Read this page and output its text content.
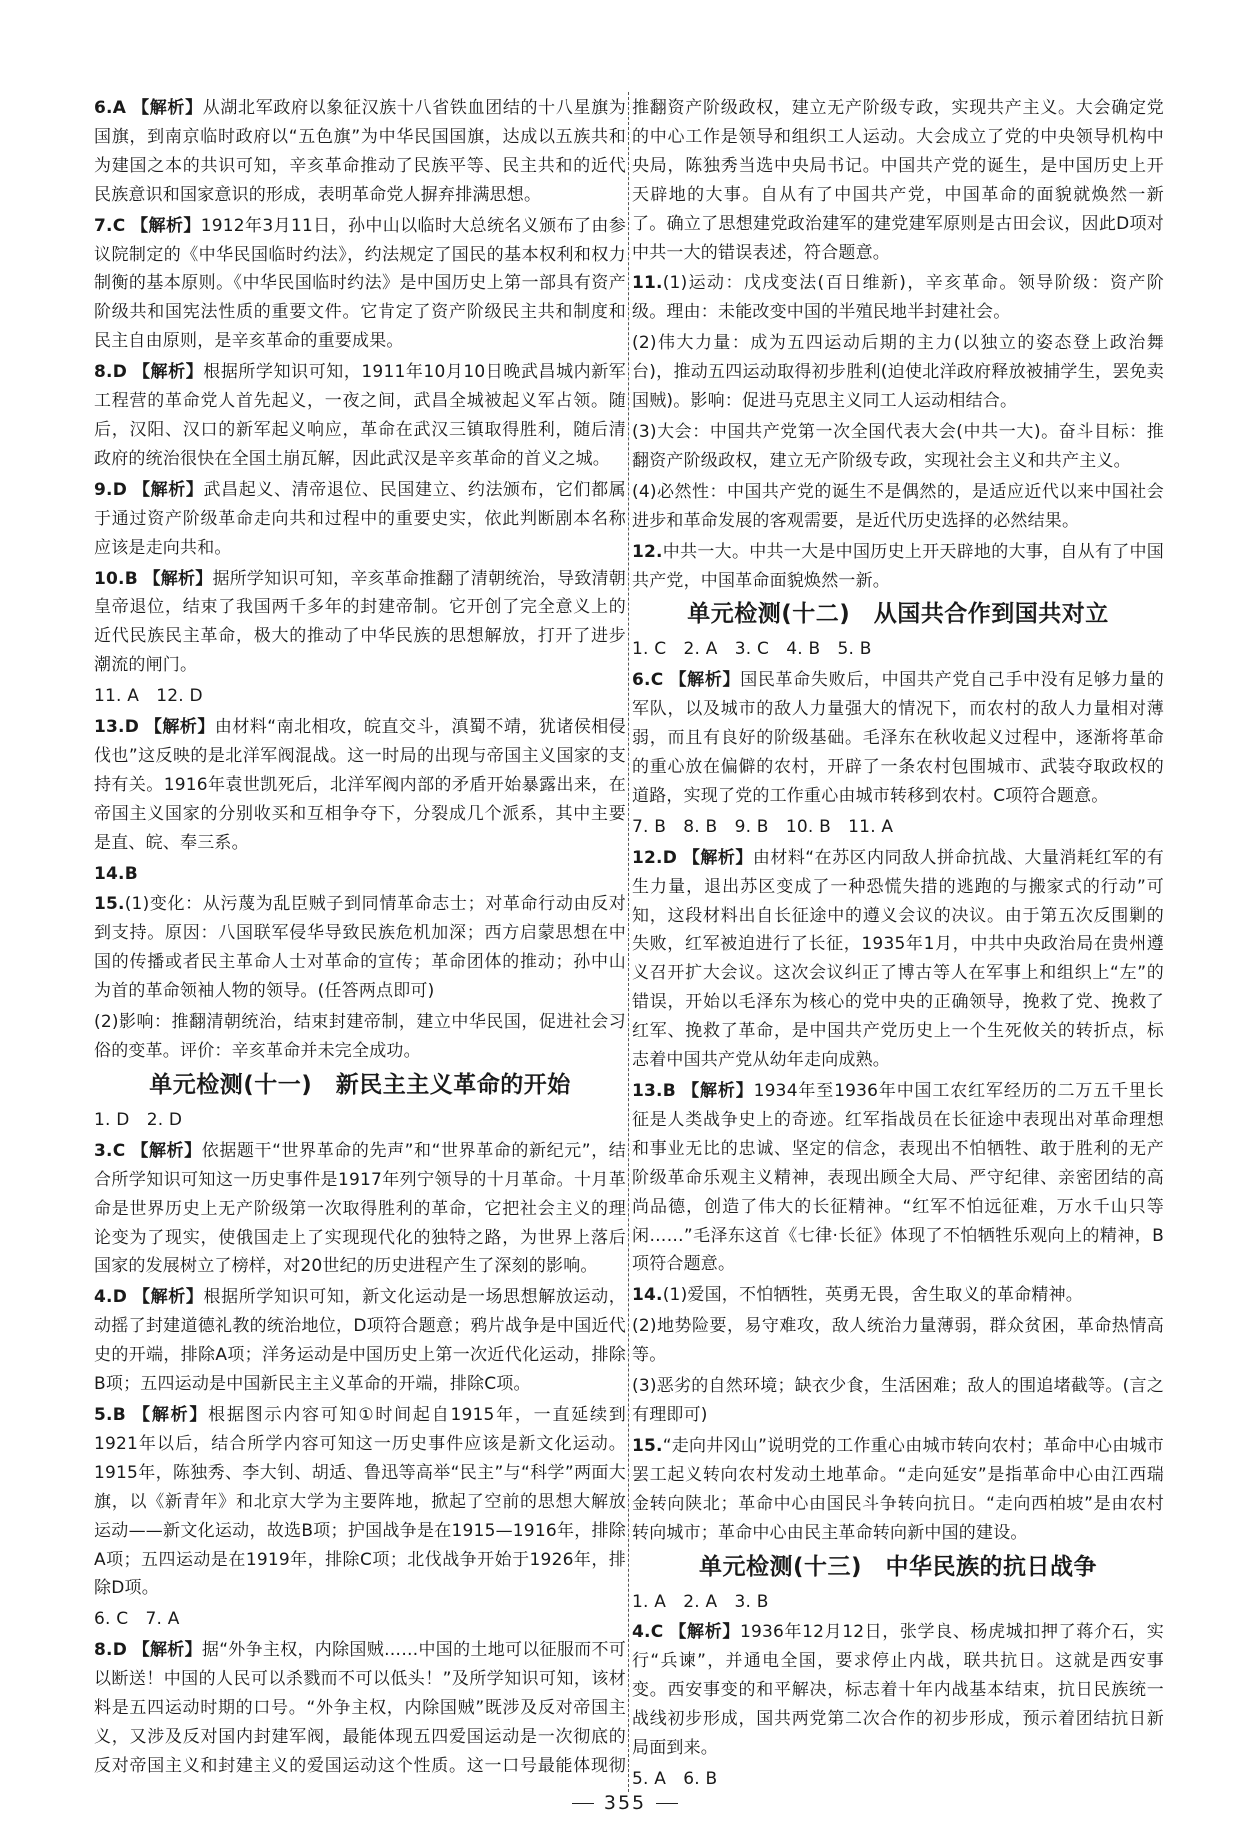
6.A 【解析】从湖北军政府以象征汉族十八省铁血团结的十八星旗为国旗，到南京临时政府以“五色旗”为中华民国国旗，达成以五族共和为建国之本的共识可知，辛亥革命推动了民族平等、民主共和的近代民族意识和国家意识的形成，表明革命党人摒弃排满思想。
7.C 【解析】1912年3月11日，孙中山以临时大总统名义颁布了由参议院制定的《中华民国临时约法》，约法规定了国民的基本权利和权力制衡的基本原则。《中华民国临时约法》是中国历史上第一部具有资产阶级共和国宪法性质的重要文件。它肯定了资产阶级民主共和制度和民主自由原则，是辛亥革命的重要成果。
8.D 【解析】根据所学知识可知，1911年10月10日晚武昌城内新军工程营的革命党人首先起义，一夜之间，武昌全城被起义军占领。随后，汉阳、汉口的新军起义响应，革命在武汉三镇取得胜利，随后清政府的统治很快在全国土崩瓦解，因此武汉是辛亥革命的首义之城。
9.D 【解析】武昌起义、清帝退位、民国建立、约法颁布，它们都属于通过资产阶级革命走向共和过程中的重要史实，依此判断剧本名称应该是走向共和。
10.B 【解析】据所学知识可知，辛亥革命推翻了清朝统治，导致清朝皇帝退位，结束了我国两千多年的封建帝制。它开创了完全意义上的近代民族民主革命，极大的推动了中华民族的思想解放，打开了进步潮流的闸门。
11. A　12. D
13.D 【解析】由材料“南北相攻，皖直交斗，滇蜀不靖，犹诸侯相侵伐也”这反映的是北洋军阀混战。这一时局的出现与帝国主义国家的支持有关。1916年袁世凯死后，北洋军阀内部的矛盾开始暴露出来，在帝国主义国家的分别收买和互相争夺下，分裂成几个派系，其中主要是直、皖、奉三系。
14.B
15.(1)变化：从污蔑为乱臣贼子到同情革命志士；对革命行动由反对到支持。原因：八国联军侵华导致民族危机加深；西方启蒙思想在中国的传播或者民主革命人士对革命的宣传；革命团体的推动；孙中山为首的革命领袖人物的领导。(任答两点即可)
(2)影响：推翻清朝统治，结束封建帝制，建立中华民国，促进社会习俗的变革。评价：辛亥革命并未完全成功。
单元检测(十一)　新民主主义革命的开始
1. D　2. D
3.C 【解析】依据题干“世界革命的先声”和“世界革命的新纪元”，结合所学知识可知这一历史事件是1917年列宁领导的十月革命。十月革命是世界历史上无产阶级第一次取得胜利的革命，它把社会主义的理论变为了现实，使俄国走上了实现现代化的独特之路，为世界上落后国家的发展树立了榜样，对20世纪的历史进程产生了深刻的影响。
4.D 【解析】根据所学知识可知，新文化运动是一场思想解放运动，动摇了封建道德礼教的统治地位，D项符合题意；鸦片战争是中国近代史的开端，排除A项；洋务运动是中国历史上第一次近代化运动，排除B项；五四运动是中国新民主主义革命的开端，排除C项。
5.B 【解析】根据图示内容可知①时间起自1915年，一直延续到1921年以后，结合所学内容可知这一历史事件应该是新文化运动。1915年，陈独秀、李大钊、胡适、鲁迅等高举“民主”与“科学”两面大旗，以《新青年》和北京大学为主要阵地，掀起了空前的思想大解放运动——新文化运动，故选B项；护国战争是在1915—1916年，排除A项；五四运动是在1919年，排除C项；北伐战争开始于1926年，排除D项。
6. C　7. A
8.D 【解析】据“外争主权，内除国贼……中国的土地可以征服而不可以断送！中国的人民可以杀戮而不可以低头！”及所学知识可知，该材料是五四运动时期的口号。“外争主权，内除国贼”既涉及反对帝国主义，又涉及反对国内封建军阀，最能体现五四爱国运动是一次彻底的反对帝国主义和封建主义的爱国运动这个性质。这一口号最能体现彻
推翻资产阶级政权，建立无产阶级专政，实现共产主义。大会确定党的中心工作是领导和组织工人运动。大会成立了党的中央领导机构中央局，陈独秀当选中央局书记。中国共产党的诞生，是中国历史上开天辟地的大事。自从有了中国共产党，中国革命的面貌就焕然一新了。确立了思想建党政治建军的建党建军原则是古田会议，因此D项对中共一大的错误表述，符合题意。
11.(1)运动：戊戌变法(百日维新)，辛亥革命。领导阶级：资产阶级。理由：未能改变中国的半殖民地半封建社会。
(2)伟大力量：成为五四运动后期的主力(以独立的姿态登上政治舞台)，推动五四运动取得初步胜利(迫使北洋政府释放被捕学生，罢免卖国贼)。影响：促进马克思主义同工人运动相结合。
(3)大会：中国共产党第一次全国代表大会(中共一大)。奋斗目标：推翻资产阶级政权，建立无产阶级专政，实现社会主义和共产主义。
(4)必然性：中国共产党的诞生不是偶然的，是适应近代以来中国社会进步和革命发展的客观需要，是近代历史选择的必然结果。
12.中共一大。中共一大是中国历史上开天辟地的大事，自从有了中国共产党，中国革命面貌焕然一新。
单元检测(十二)　从国共合作到国共对立
1. C　2. A　3. C　4. B　5. B
6.C 【解析】国民革命失败后，中国共产党自己手中没有足够力量的军队，以及城市的敌人力量强大的情况下，而农村的敌人力量相对薄弱，而且有良好的阶级基础。毛泽东在秋收起义过程中，逐渐将革命的重心放在偏僻的农村，开辟了一条农村包围城市、武装夺取政权的道路，实现了党的工作重心由城市转移到农村。C项符合题意。
7. B　8. B　9. B　10. B　11. A
12.D 【解析】由材料“在苏区内同敌人拼命抗战、大量消耗红军的有生力量，退出苏区变成了一种恐慌失措的逃跑的与搬家式的行动”可知，这段材料出自长征途中的遵义会议的决议。由于第五次反围剿的失败，红军被迫进行了长征，1935年1月，中共中央政治局在贵州遵义召开扩大会议。这次会议纠正了博古等人在军事上和组织上“左”的错误，开始以毛泽东为核心的党中央的正确领导，挽救了党、挽救了红军、挽救了革命，是中国共产党历史上一个生死攸关的转折点，标志着中国共产党从幼年走向成熟。
13.B 【解析】1934年至1936年中国工农红军经历的二万五千里长征是人类战争史上的奇迹。红军指战员在长征途中表现出对革命理想和事业无比的忠诚、坚定的信念，表现出不怕牺牲、敢于胜利的无产阶级革命乐观主义精神，表现出顾全大局、严守纪律、亲密团结的高尚品德，创造了伟大的长征精神。“红军不怕远征难，万水千山只等闲……”毛泽东这首《七律·长征》体现了不怕牺牲乐观向上的精神，B项符合题意。
14.(1)爱国，不怕牺牲，英勇无畏，舍生取义的革命精神。
(2)地势险要，易守难攻，敌人统治力量薄弱，群众贫困，革命热情高等。
(3)恶劣的自然环境；缺衣少食，生活困难；敌人的围追堵截等。(言之有理即可)
15.“走向井冈山”说明党的工作重心由城市转向农村；革命中心由城市罢工起义转向农村发动土地革命。“走向延安”是指革命中心由江西瑞金转向陕北；革命中心由国民斗争转向抗日。“走向西柏坡”是由农村转向城市；革命中心由民主革命转向新中国的建设。
单元检测(十三)　中华民族的抗日战争
1. A　2. A　3. B
4.C 【解析】1936年12月12日，张学良、杨虎城扣押了蒋介石，实行“兵谏”，并通电全国，要求停止内战，联共抗日。这就是西安事变。西安事变的和平解决，标志着十年内战基本结束，抗日民族统一战线初步形成，国共两党第二次合作的初步形成，预示着团结抗日新局面到来。
5. A　6. B
355
